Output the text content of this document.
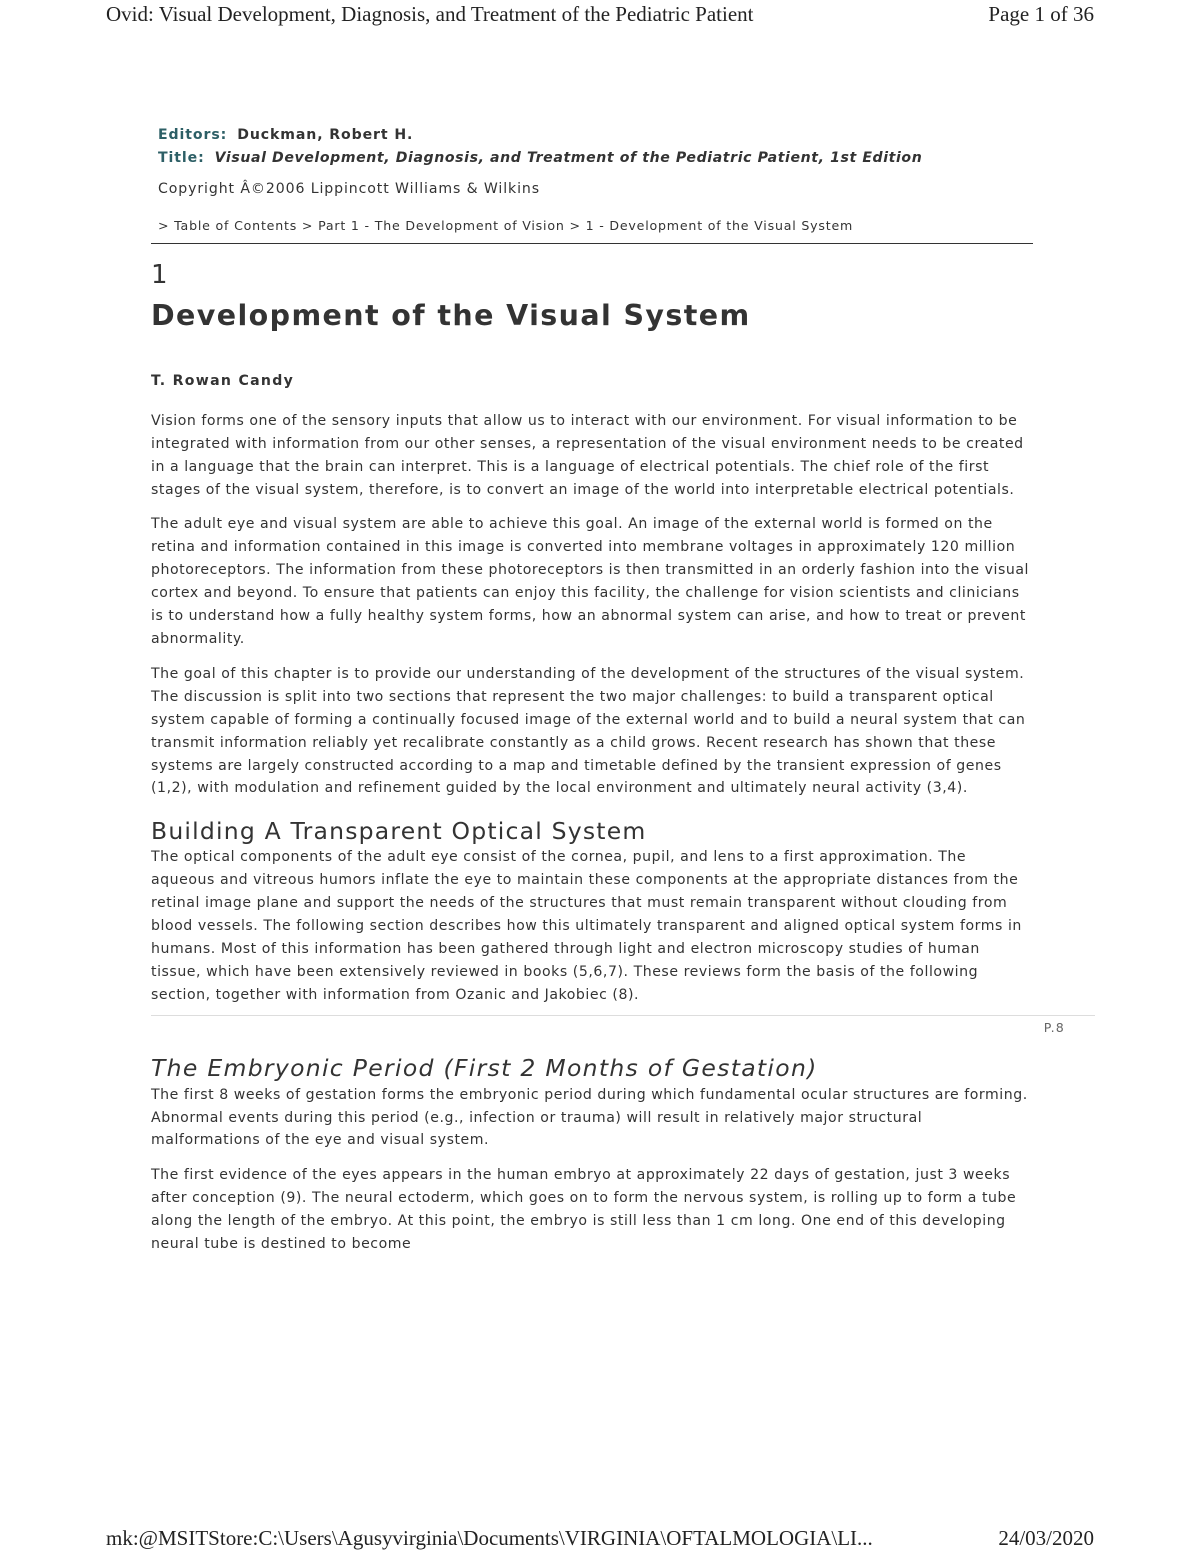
Ovid: Visual Development, Diagnosis, and Treatment of the Pediatric Patient	Page 1 of 36

Editors: Duckman, Robert H.

Title: Visual Development, Diagnosis, and Treatment of the Pediatric Patient, 1st Edition

Copyright Â©2006 Lippincott Williams & Wilkins

> Table of Contents > Part 1 - The Development of Vision > 1 - Development of the Visual System

1
Development of the Visual System
T. Rowan Candy

Vision forms one of the sensory inputs that allow us to interact with our environment. For visual information to be integrated with information from our other senses, a representation of the visual environment needs to be created in a language that the brain can interpret. This is a language of electrical potentials. The chief role of the first stages of the visual system, therefore, is to convert an image of the world into interpretable electrical potentials.

The adult eye and visual system are able to achieve this goal. An image of the external world is formed on the retina and information contained in this image is converted into membrane voltages in approximately 120 million photoreceptors. The information from these photoreceptors is then transmitted in an orderly fashion into the visual cortex and beyond. To ensure that patients can enjoy this facility, the challenge for vision scientists and clinicians is to understand how a fully healthy system forms, how an abnormal system can arise, and how to treat or prevent abnormality.

The goal of this chapter is to provide our understanding of the development of the structures of the visual system. The discussion is split into two sections that represent the two major challenges: to build a transparent optical system capable of forming a continually focused image of the external world and to build a neural system that can transmit information reliably yet recalibrate constantly as a child grows. Recent research has shown that these systems are largely constructed according to a map and timetable defined by the transient expression of genes (1,2), with modulation and refinement guided by the local environment and ultimately neural activity (3,4).

Building A Transparent Optical System

The optical components of the adult eye consist of the cornea, pupil, and lens to a first approximation. The aqueous and vitreous humors inflate the eye to maintain these components at the appropriate distances from the retinal image plane and support the needs of the structures that must remain transparent without clouding from blood vessels. The following section describes how this ultimately transparent and aligned optical system forms in humans. Most of this information has been gathered through light and electron microscopy studies of human tissue, which have been extensively reviewed in books (5,6,7). These reviews form the basis of the following section, together with information from Ozanic and Jakobiec (8).

P.8
The Embryonic Period (First 2 Months of Gestation)

The first 8 weeks of gestation forms the embryonic period during which fundamental ocular structures are forming. Abnormal events during this period (e.g., infection or trauma) will result in relatively major structural malformations of the eye and visual system.

The first evidence of the eyes appears in the human embryo at approximately 22 days of gestation, just 3 weeks after conception (9). The neural ectoderm, which goes on to form the nervous system, is rolling up to form a tube along the length of the embryo. At this point, the embryo is still less than 1 cm long. One end of this developing neural tube is destined to become

mk:@MSITStore:C:\Users\Agusyvirginia\Documents\VIRGINIA\OFTALMOLOGIA\LI...	24/03/2020
